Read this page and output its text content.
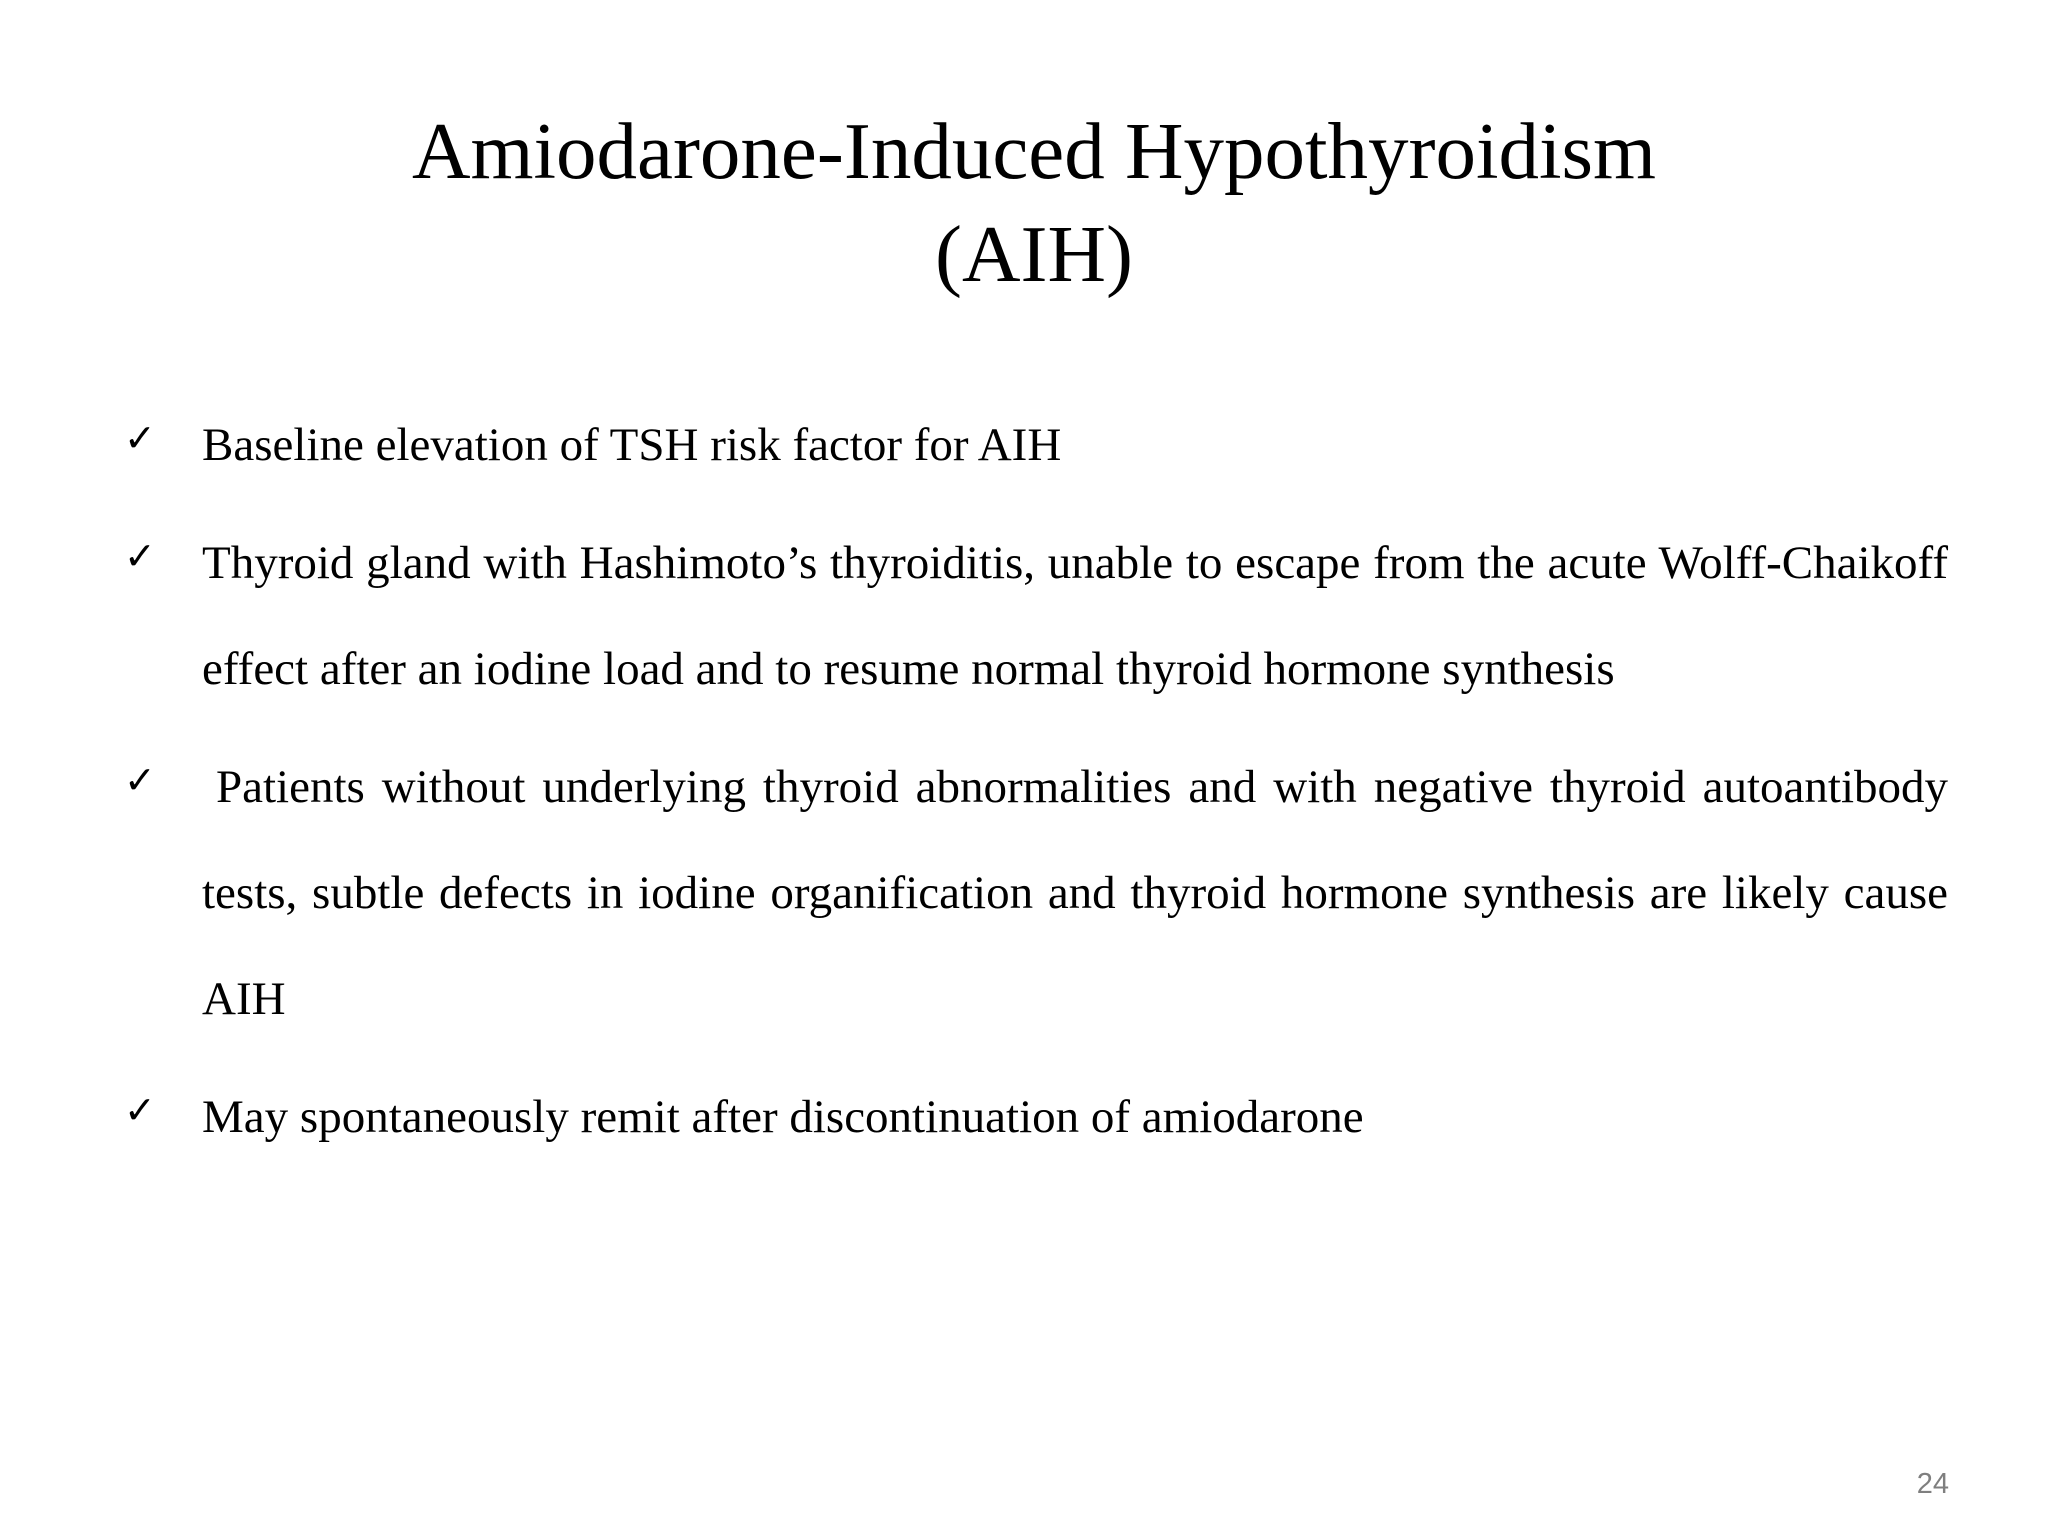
Amiodarone-Induced Hypothyroidism
(AIH)
✓ Baseline elevation of TSH risk factor for AIH
✓ Thyroid gland with Hashimoto’s thyroiditis, unable to escape from the acute Wolff-Chaikoff effect after an iodine load and to resume normal thyroid hormone synthesis
✓ Patients without underlying thyroid abnormalities and with negative thyroid autoantibody tests, subtle defects in iodine organification and thyroid hormone synthesis are likely cause AIH
✓ May spontaneously remit after discontinuation of amiodarone
24
